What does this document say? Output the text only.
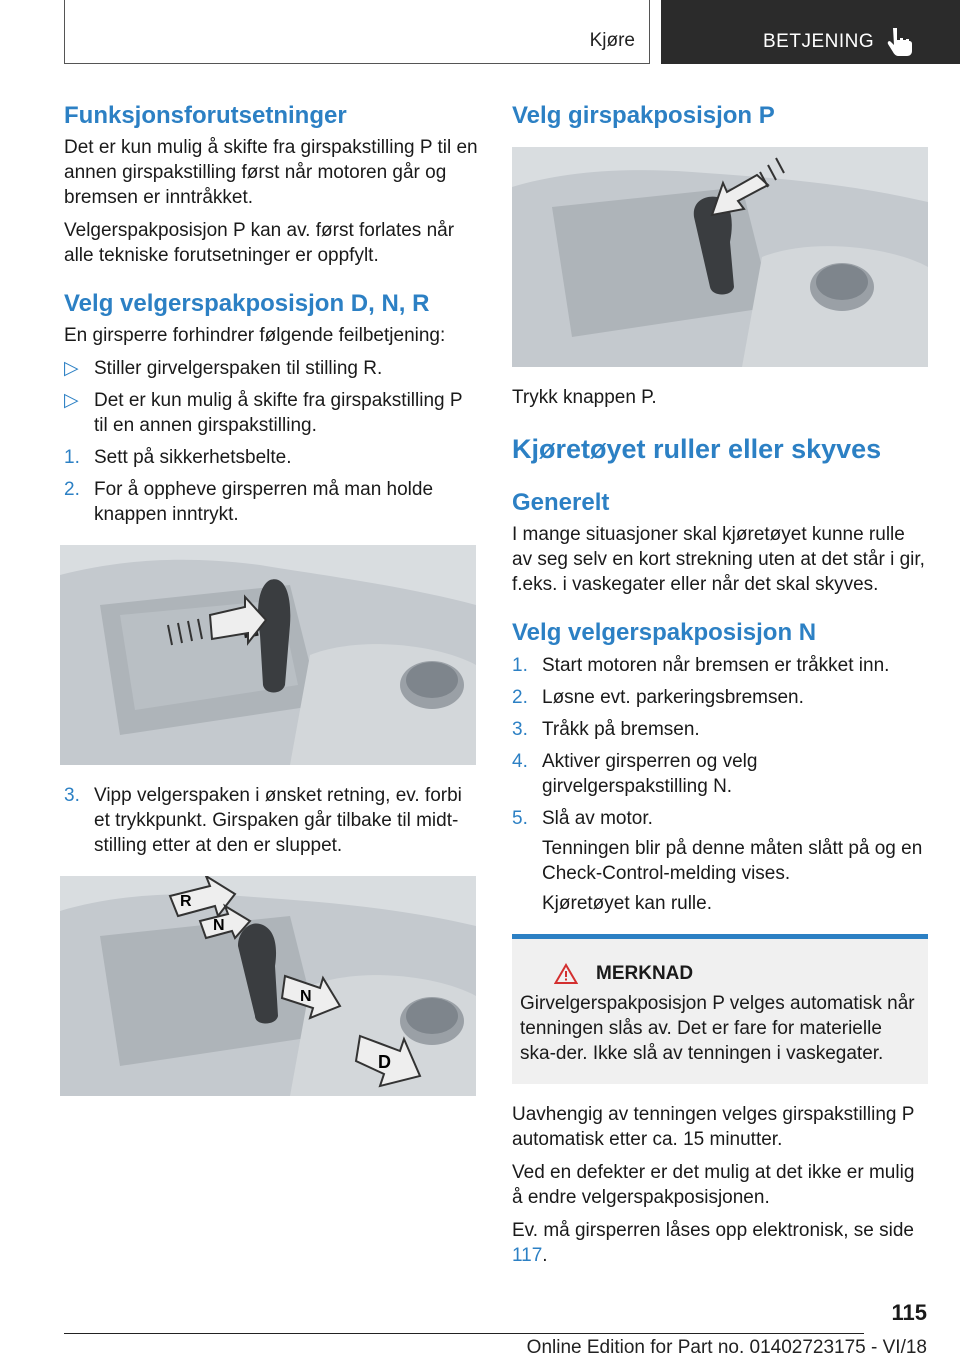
Kjøre	BETJENING
Funksjonsforutsetninger

Det er kun mulig å skifte fra girspakstilling P til en annen girspakstilling først når motoren går og bremsen er inntråkket.

Velgerspakposisjon P kan av. først forlates når alle tekniske forutsetninger er oppfylt.

Velg velgerspakposisjon D, N, R

En girsperre forhindrer følgende feilbetjening:

▷ Stiller girvelgerspaken til stilling R.
▷ Det er kun mulig å skifte fra girspakstilling P til en annen girspakstilling.
1. Sett på sikkerhetsbelte.
2. For å oppheve girsperren må man holde knappen inntrykt.
3. Vipp velgerspaken i ønsket retning, ev. forbi et trykkpunkt. Girspaken går tilbake til midt-stilling etter at den er sluppet.
R
N
N
D
Velg girspakposisjon P

Trykk knappen P.

Kjøretøyet ruller eller skyves
Generelt

I mange situasjoner skal kjøretøyet kunne rulle av seg selv en kort strekning uten at det står i gir, f.eks. i vaskegater eller når det skal skyves.

Velg velgerspakposisjon N
1. Start motoren når bremsen er tråkket inn.
2. Løsne evt. parkeringsbremsen.
3. Tråkk på bremsen.
4. Aktiver girsperren og velg girvelgerspakstilling N.
5. Slå av motor.
Tenningen blir på denne måten slått på og en Check-Control-melding vises.
Kjøretøyet kan rulle.
MERKNAD

Girvelgerspakposisjon P velges automatisk når tenningen slås av. Det er fare for materielle ska-der. Ikke slå av tenningen i vaskegater.

Uavhengig av tenningen velges girspakstilling P automatisk etter ca. 15 minutter.

Ved en defekter er det mulig at det ikke er mulig å endre velgerspakposisjonen.

Ev. må girsperren låses opp elektronisk, se side 117.

115
Online Edition for Part no. 01402723175 - VI/18
